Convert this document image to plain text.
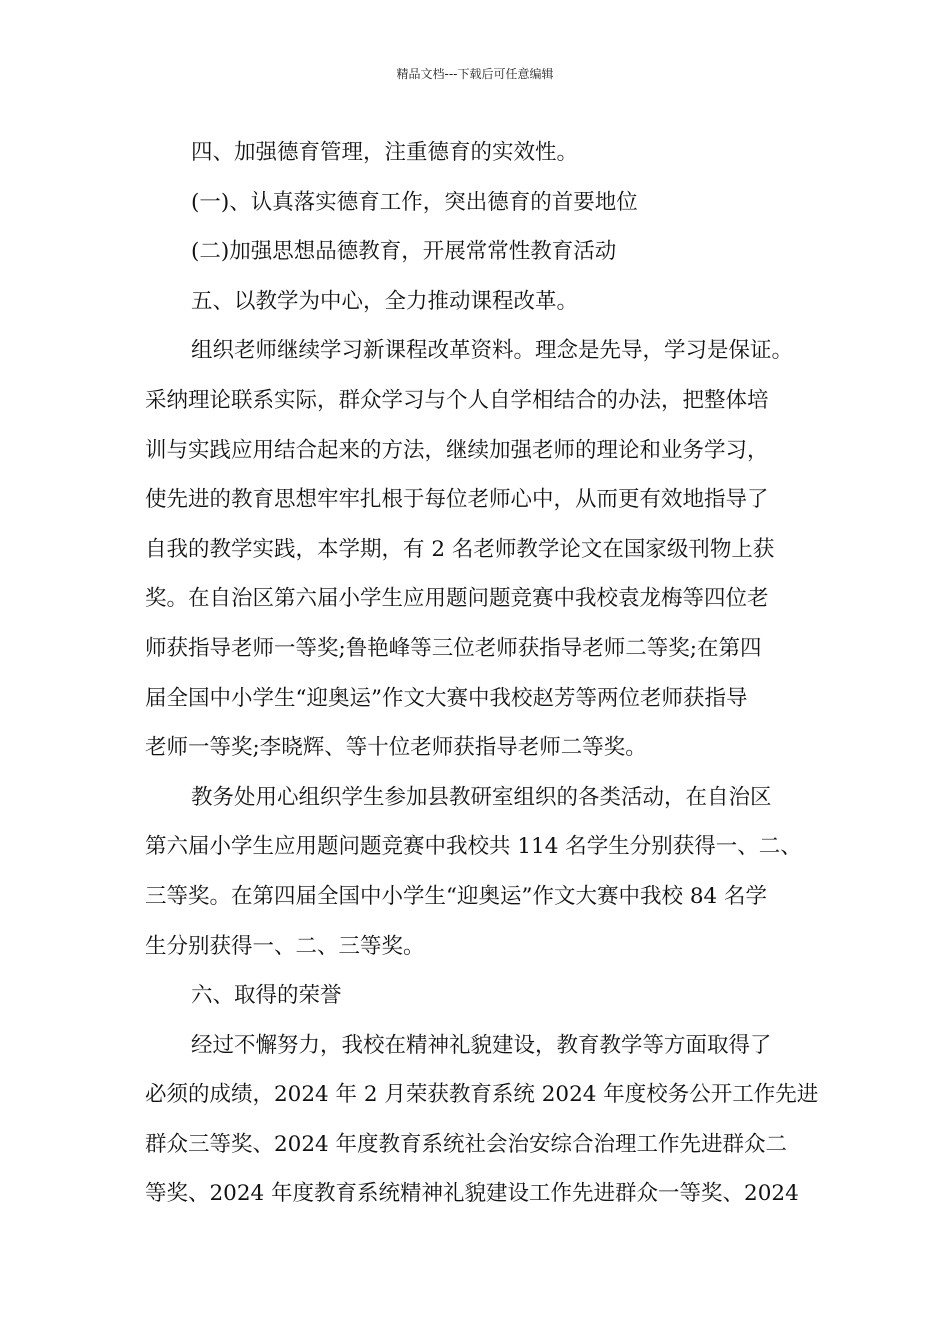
精品文档---下载后可任意编辑
四、加强德育管理，注重德育的实效性。
(一)、认真落实德育工作，突出德育的首要地位
(二)加强思想品德教育，开展常常性教育活动
五、以教学为中心，全力推动课程改革。
组织老师继续学习新课程改革资料。理念是先导，学习是保证。
采纳理论联系实际，群众学习与个人自学相结合的办法，把整体培
训与实践应用结合起来的方法，继续加强老师的理论和业务学习，
使先进的教育思想牢牢扎根于每位老师心中，从而更有效地指导了
自我的教学实践，本学期，有 2 名老师教学论文在国家级刊物上获
奖。在自治区第六届小学生应用题问题竞赛中我校袁龙梅等四位老
师获指导老师一等奖;鲁艳峰等三位老师获指导老师二等奖;在第四
届全国中小学生“迎奥运”作文大赛中我校赵芳等两位老师获指导
老师一等奖;李晓辉、等十位老师获指导老师二等奖。
教务处用心组织学生参加县教研室组织的各类活动，在自治区
第六届小学生应用题问题竞赛中我校共 114 名学生分别获得一、二、
三等奖。在第四届全国中小学生“迎奥运”作文大赛中我校 84 名学
生分别获得一、二、三等奖。
六、取得的荣誉
经过不懈努力，我校在精神礼貌建设，教育教学等方面取得了
必须的成绩，2024 年 2 月荣获教育系统 2024 年度校务公开工作先进
群众三等奖、2024 年度教育系统社会治安综合治理工作先进群众二
等奖、2024 年度教育系统精神礼貌建设工作先进群众一等奖、2024
